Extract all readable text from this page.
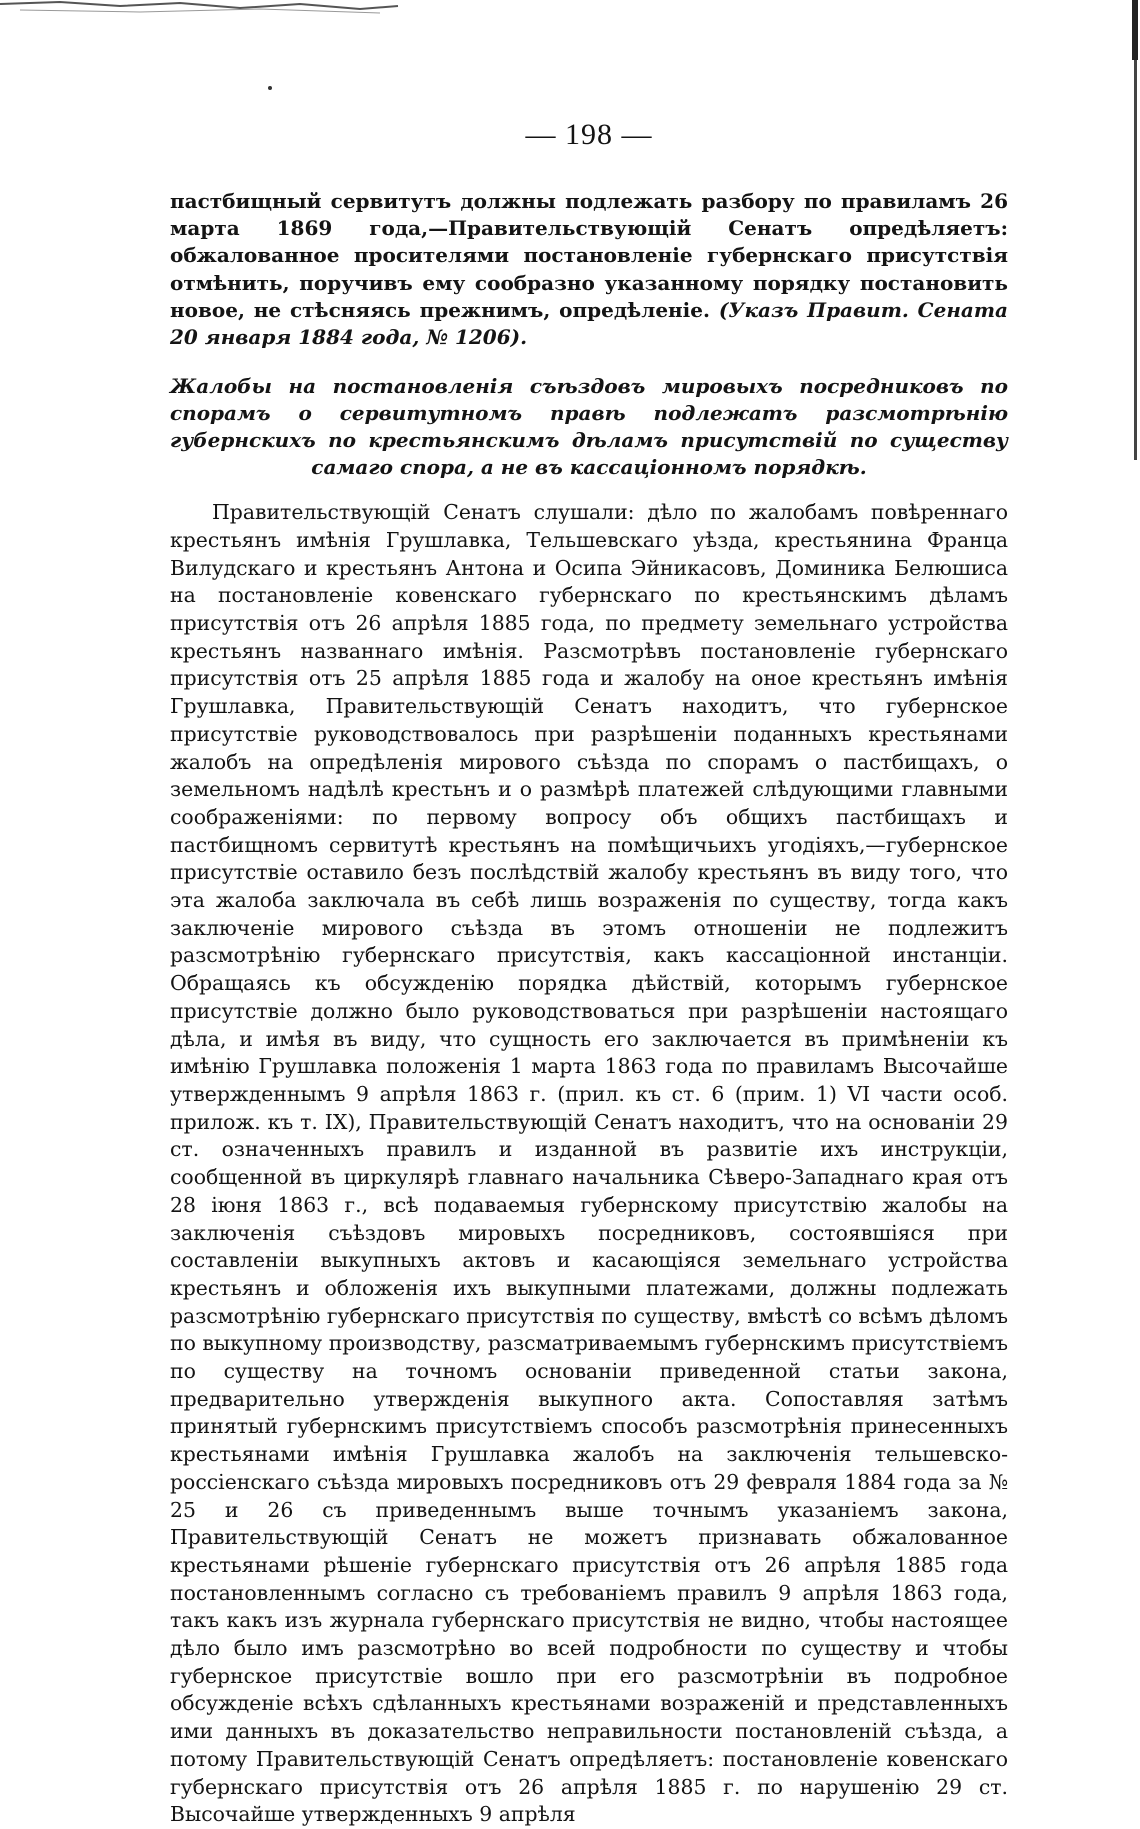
— 198 —

пастбищный сервитутъ должны подлежать разбору по правиламъ 26 марта 1869 года,—Правительствующій Сенатъ опредѣляетъ: обжалованное просителями постановленіе губернскаго присутствія отмѣнить, поручивъ ему сообразно указанному порядку постановить новое, не стѣсняясь прежнимъ, опредѣленіе. (Указъ Правит. Сената 20 января 1884 года, № 1206).

Жалобы на постановленія съѣздовъ мировыхъ посредниковъ по спорамъ о сервитутномъ правѣ подлежатъ разсмотрѣнію губернскихъ по крестьянскимъ дѣламъ присутствій по существу самаго спора, а не въ кассаціонномъ порядкѣ.

Правительствующій Сенатъ слушали: дѣло по жалобамъ повѣреннаго крестьянъ имѣнія Грушлавка, Тельшевскаго уѣзда, крестьянина Франца Вилудскаго и крестьянъ Антона и Осипа Эйникасовъ, Доминика Белюшиса на постановленіе ковенскаго губернскаго по крестьянскимъ дѣламъ присутствія отъ 26 апрѣля 1885 года, по предмету земельнаго устройства крестьянъ названнаго имѣнія. Разсмотрѣвъ постановленіе губернскаго присутствія отъ 25 апрѣля 1885 года и жалобу на оное крестьянъ имѣнія Грушлавка, Правительствующій Сенатъ находитъ, что губернское присутствіе руководствовалось при разрѣшеніи поданныхъ крестьянами жалобъ на опредѣленія мирового съѣзда по спорамъ о пастбищахъ, о земельномъ надѣлѣ крестьнъ и о размѣрѣ платежей слѣдующими главными соображеніями: по первому вопросу объ общихъ пастбищахъ и пастбищномъ сервитутѣ крестьянъ на помѣщичьихъ угодіяхъ,—губернское присутствіе оставило безъ послѣдствій жалобу крестьянъ въ виду того, что эта жалоба заключала въ себѣ лишь возраженія по существу, тогда какъ заключеніе мирового съѣзда въ этомъ отношеніи не подлежитъ разсмотрѣнію губернскаго присутствія, какъ кассаціонной инстанціи. Обращаясь къ обсужденію порядка дѣйствій, которымъ губернское присутствіе должно было руководствоваться при разрѣшеніи настоящаго дѣла, и имѣя въ виду, что сущность его заключается въ примѣненіи къ имѣнію Грушлавка положенія 1 марта 1863 года по правиламъ Высочайше утвержденнымъ 9 апрѣля 1863 г. (прил. къ ст. 6 (прим. 1) VI части особ. прилож. къ т. IX), Правительствующій Сенатъ находитъ, что на основаніи 29 ст. означенныхъ правилъ и изданной въ развитіе ихъ инструкціи, сообщенной въ циркулярѣ главнаго начальника Сѣверо-Западнаго края отъ 28 іюня 1863 г., всѣ подаваемыя губернскому присутствію жалобы на заключенія съѣздовъ мировыхъ посредниковъ, состоявшіяся при составленіи выкупныхъ актовъ и касающіяся земельнаго устройства крестьянъ и обложенія ихъ выкупными платежами, должны подлежать разсмотрѣнію губернскаго присутствія по существу, вмѣстѣ со всѣмъ дѣломъ по выкупному производству, разсматриваемымъ губернскимъ присутствіемъ по существу на точномъ основаніи приведенной статьи закона, предварительно утвержденія выкупного акта. Сопоставляя затѣмъ принятый губернскимъ присутствіемъ способъ разсмотрѣнія принесенныхъ крестьянами имѣнія Грушлавка жалобъ на заключенія тельшевско-россіенскаго съѣзда мировыхъ посредниковъ отъ 29 февраля 1884 года за № 25 и 26 съ приведеннымъ выше точнымъ указаніемъ закона, Правительствующій Сенатъ не можетъ признавать обжалованное крестьянами рѣшеніе губернскаго присутствія отъ 26 апрѣля 1885 года постановленнымъ согласно съ требованіемъ правилъ 9 апрѣля 1863 года, такъ какъ изъ журнала губернскаго присутствія не видно, чтобы настоящее дѣло было имъ разсмотрѣно во всей подробности по существу и чтобы губернское присутствіе вошло при его разсмотрѣніи въ подробное обсужденіе всѣхъ сдѣланныхъ крестьянами возраженій и представленныхъ ими данныхъ въ доказательство неправильности постановленій съѣзда, а потому Правительствующій Сенатъ опредѣляетъ: постановленіе ковенскаго губернскаго присутствія отъ 26 апрѣля 1885 г. по нарушенію 29 ст. Высочайше утвержденныхъ 9 апрѣля
